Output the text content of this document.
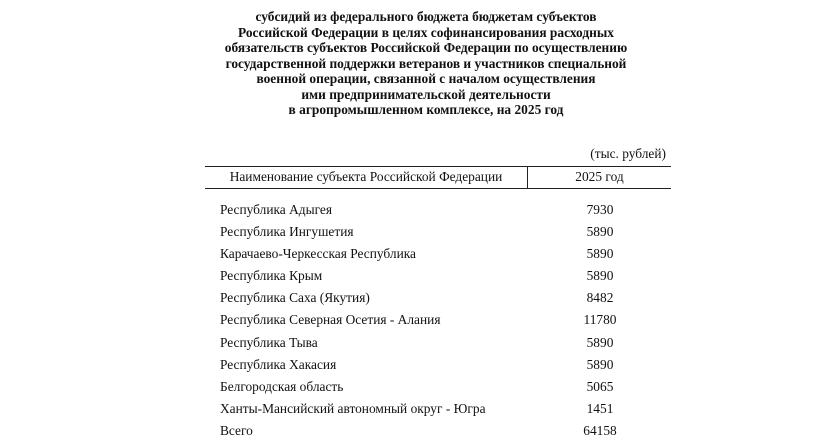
субсидий из федерального бюджета бюджетам субъектов
Российской Федерации в целях софинансирования расходных
обязательств субъектов Российской Федерации по осуществлению
государственной поддержки ветеранов и участников специальной
военной операции, связанной с началом осуществления
ими предпринимательской деятельности
в агропромышленном комплексе, на 2025 год
(тыс. рублей)
Наименование субъекта Российской Федерации	2025 год
Республика Адыгея	7930
Республика Ингушетия	5890
Карачаево-Черкесская Республика	5890
Республика Крым	5890
Республика Саха (Якутия)	8482
Республика Северная Осетия - Алания	11780
Республика Тыва	5890
Республика Хакасия	5890
Белгородская область	5065
Ханты-Мансийский автономный округ - Югра	1451
Всего	64158
